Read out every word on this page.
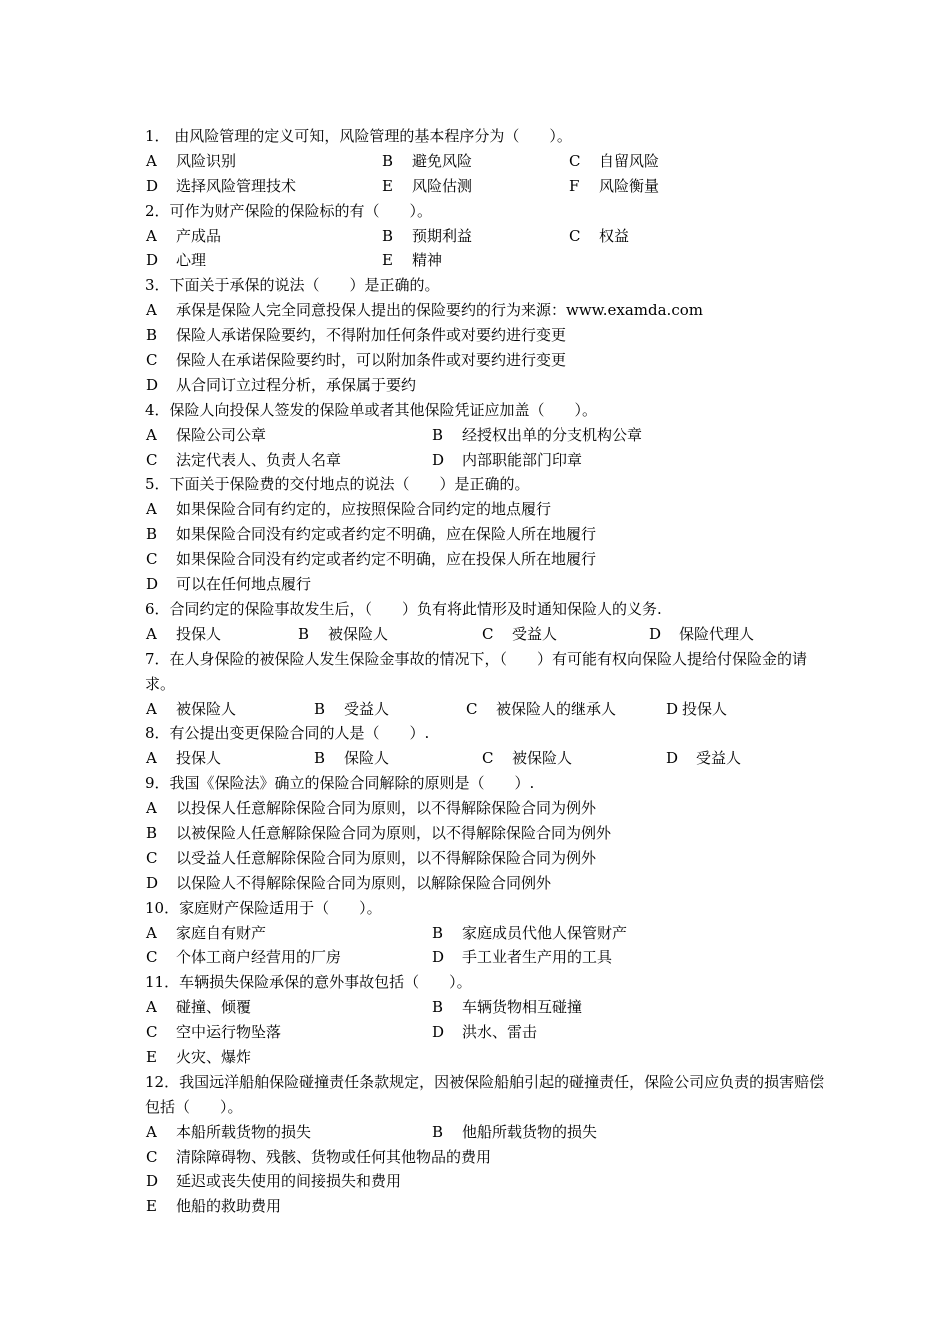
1． 由风险管理的定义可知，风险管理的基本程序分为（　　）。
A 风险识别	B 避免风险	C 自留风险
D 选择风险管理技术	E 风险估测	F 风险衡量
2．可作为财产保险的保险标的有（　　）。
A 产成品	B 预期利益	C 权益
D 心理	E 精神
3．下面关于承保的说法（　　）是正确的。
A 承保是保险人完全同意投保人提出的保险要约的行为来源：www.examda.com
B 保险人承诺保险要约，不得附加任何条件或对要约进行变更
C 保险人在承诺保险要约时，可以附加条件或对要约进行变更
D 从合同订立过程分析，承保属于要约
4．保险人向投保人签发的保险单或者其他保险凭证应加盖（　　）。
A 保险公司公章	B 经授权出单的分支机构公章
C 法定代表人、负责人名章	D 内部职能部门印章
5．下面关于保险费的交付地点的说法（　　）是正确的。
A 如果保险合同有约定的，应按照保险合同约定的地点履行
B 如果保险合同没有约定或者约定不明确，应在保险人所在地履行
C 如果保险合同没有约定或者约定不明确，应在投保人所在地履行
D 可以在任何地点履行
6．合同约定的保险事故发生后，（　　）负有将此情形及时通知保险人的义务.
A 投保人	B 被保险人	C 受益人	D 保险代理人
7．在人身保险的被保险人发生保险金事故的情况下，（　　）有可能有权向保险人提给付保险金的请求。
A 被保险人	B 受益人	C 被保险人的继承人	D 投保人
8．有公提出变更保险合同的人是（　　）.
A 投保人	B 保险人	C 被保险人	D 受益人
9．我国《保险法》确立的保险合同解除的原则是（　　）.
A 以投保人任意解除保险合同为原则，以不得解除保险合同为例外
B 以被保险人任意解除保险合同为原则，以不得解除保险合同为例外
C 以受益人任意解除保险合同为原则，以不得解除保险合同为例外
D 以保险人不得解除保险合同为原则，以解除保险合同例外
10．家庭财产保险适用于（　　）。
A 家庭自有财产	B 家庭成员代他人保管财产
C 个体工商户经营用的厂房	D 手工业者生产用的工具
11．车辆损失保险承保的意外事故包括（　　）。
A 碰撞、倾覆	B 车辆货物相互碰撞
C 空中运行物坠落	D 洪水、雷击
E 火灾、爆炸
12．我国远洋船舶保险碰撞责任条款规定，因被保险船舶引起的碰撞责任，保险公司应负责的损害赔偿包括（　　）。
A 本船所载货物的损失	B 他船所载货物的损失
C 清除障碍物、残骸、货物或任何其他物品的费用
D 延迟或丧失使用的间接损失和费用
E 他船的救助费用
